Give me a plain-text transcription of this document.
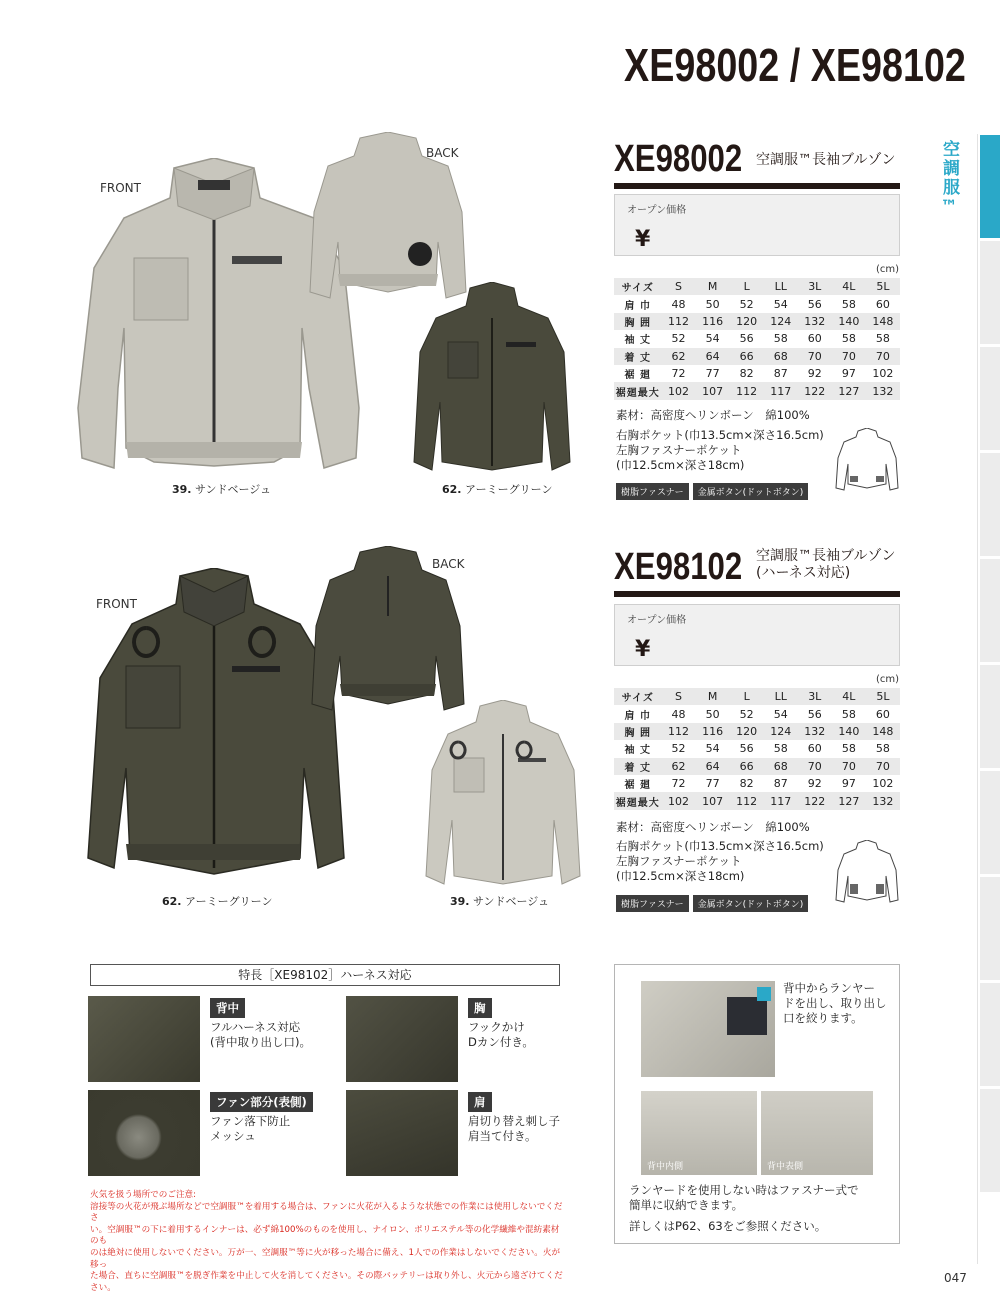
XE98002 / XE98102
空調服™
FRONT
BACK
39. サンドベージュ	62. アーミーグリーン
XE98002 空調服™長袖ブルゾン
オープン価格
¥
(cm)
サイズ	S	M	L	LL	3L	4L	5L
肩 巾	48	50	52	54	56	58	60
胸 囲	112	116	120	124	132	140	148
袖 丈	52	54	56	58	60	58	58
着 丈	62	64	66	68	70	70	70
裾 廻	72	77	82	87	92	97	102
裾廻最大	102	107	112	117	122	127	132
素材：高密度ヘリンボーン　綿100%
右胸ポケット(巾13.5cm×深さ16.5cm)
左胸ファスナーポケット
(巾12.5cm×深さ18cm)
樹脂ファスナー 金属ボタン(ドットボタン)
FRONT
BACK
62. アーミーグリーン	39. サンドベージュ
XE98102 空調服™長袖ブルゾン
(ハーネス対応)
オープン価格
¥
(cm)
サイズ	S	M	L	LL	3L	4L	5L
肩 巾	48	50	52	54	56	58	60
胸 囲	112	116	120	124	132	140	148
袖 丈	52	54	56	58	60	58	58
着 丈	62	64	66	68	70	70	70
裾 廻	72	77	82	87	92	97	102
裾廻最大	102	107	112	117	122	127	132
素材：高密度ヘリンボーン　綿100%
右胸ポケット(巾13.5cm×深さ16.5cm)
左胸ファスナーポケット
(巾12.5cm×深さ18cm)
樹脂ファスナー 金属ボタン(ドットボタン)
特長［XE98102］ハーネス対応
背中
フルハーネス対応
(背中取り出し口)。
胸
フックかけ
Dカン付き。
ファン部分(表側)
ファン落下防止
メッシュ
肩
肩切り替え刺し子
肩当て付き。
火気を扱う場所でのご注意:
溶接等の火花が飛ぶ場所などで空調服™を着用する場合は、ファンに火花が入るような状態での作業には使用しないでくださ
い。空調服™の下に着用するインナーは、必ず綿100%のものを使用し、ナイロン、ポリエステル等の化学繊維や混紡素材のも
のは絶対に使用しないでください。万が一、空調服™等に火が移った場合に備え、1人での作業はしないでください。火が移っ
た場合、直ちに空調服™を脱ぎ作業を中止して火を消してください。その際バッテリーは取り外し、火元から遠ざけてください。
背中からランヤー
ドを出し、取り出し
口を絞ります。
背中内側	背中表側
ランヤードを使用しない時はファスナー式で
簡単に収納できます。
詳しくはP62、63をご参照ください。
047
